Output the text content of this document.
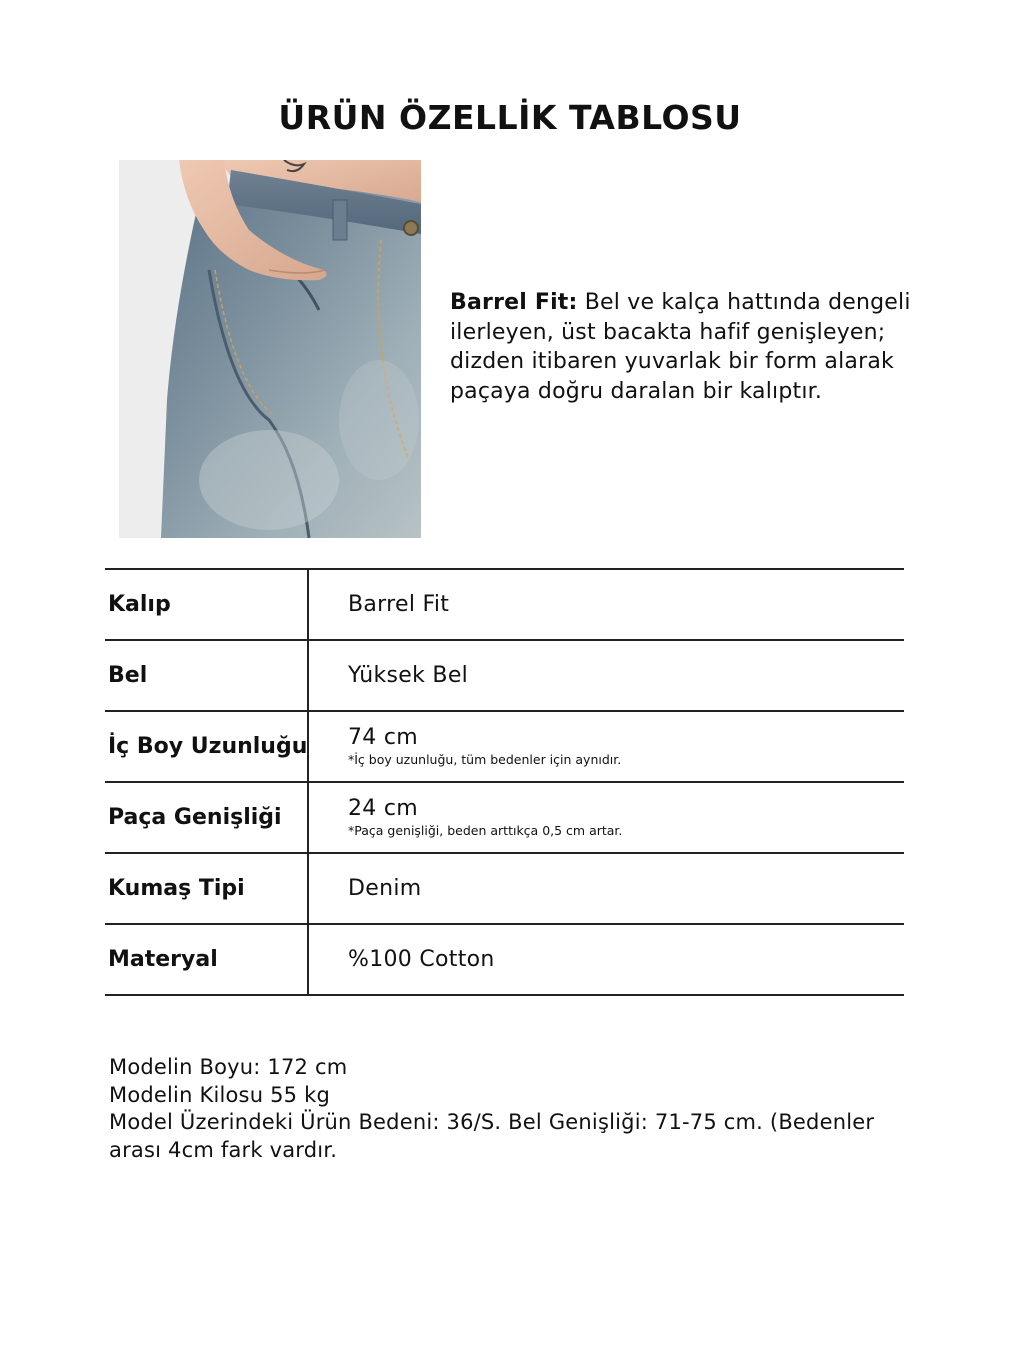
ÜRÜN ÖZELLİK TABLOSU
Barrel Fit: Bel ve kalça hattında dengeli ilerleyen, üst bacakta hafif genişleyen; dizden itibaren yuvarlak bir form alarak paçaya doğru daralan bir kalıptır.
Kalıp	Barrel Fit
Bel	Yüksek Bel
İç Boy Uzunluğu 74 cm
*İç boy uzunluğu, tüm bedenler için aynıdır.
Paça Genişliği	24 cm
*Paça genişliği, beden arttıkça 0,5 cm artar.
Kumaş Tipi	Denim
Materyal	%100 Cotton
Modelin Boyu: 172 cm
Modelin Kilosu 55 kg
Model Üzerindeki Ürün Bedeni: 36/S. Bel Genişliği: 71-75 cm. (Bedenler arası 4cm fark vardır.
